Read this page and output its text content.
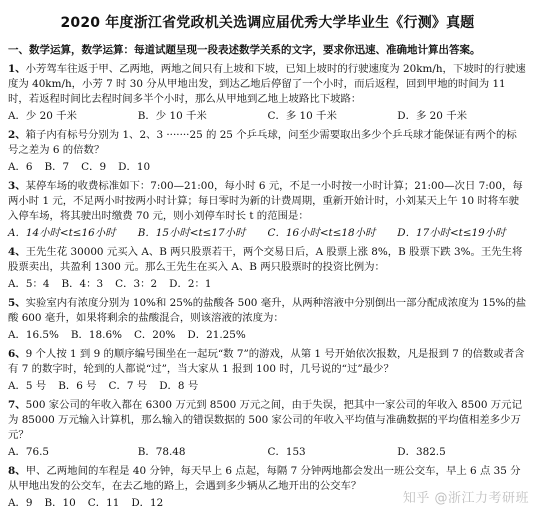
2020 年度浙江省党政机关选调应届优秀大学毕业生《行测》真题
一、数学运算，数学运算：每道试题呈现一段表述数学关系的文字，要求你迅速、准确地计算出答案。
1、小芳驾车往返于甲、乙两地，两地之间只有上坡和下坡，已知上坡时的行驶速度为 20km/h，下坡时的行驶速度为 40km/h，小芳 7 时 30 分从甲地出发，到达乙地后停留了一个小时，而后返程，回到甲地的时间为 11 时，若返程时间比去程时间多半个小时，那么从甲地到乙地上坡路比下坡路：
A．少 20 千米	B．少 10 千米	C．多 10 千米	D．多 20 千米
2、箱子内有标号分别为 1、2、3 ·······25 的 25 个乒乓球，问至少需要取出多少个乒乓球才能保证有两个的标号之差为 6 的倍数？
A．6 B．7 C．9 D．10
3、某停车场的收费标准如下：7:00—21:00，每小时 6 元，不足一小时按一小时计算；21:00—次日 7:00，每两小时 1 元，不足两小时按两小时计算；每日零时为新的计费周期，重新开始计时，小刘某天上午 10 时将车驶入停车场，将其驶出时缴费 70 元，则小刘停车时长 t 的范围是：
A．14小时<t≤16小时	B．15小时<t≤17小时	C．16小时<t≤18小时	D．17小时<t≤19小时
4、王先生花 30000 元买入 A、B 两只股票若干，两个交易日后，A 股票上涨 8%，B 股票下跌 3%。王先生将股票卖出，共盈利 1300 元。那么王先生在买入 A、B 两只股票时的投资比例为：
A．5：4 B．4：3 C．3：2 D．2：1
5、实验室内有浓度分别为 10%和 25%的盐酸各 500 毫升，从两种溶液中分别倒出一部分配成浓度为 15%的盐酸 600 毫升，如果将剩余的盐酸混合，则该溶液的浓度为：
A．16.5% B．18.6% C．20% D．21.25%
6、9 个人按 1 到 9 的顺序编号围坐在一起玩“数 7”的游戏，从第 1 号开始依次报数，凡是报到 7 的倍数或者含有 7 的数字时，轮到的人都说“过”，当大家从 1 报到 100 时，几号说的“过”最少？
A．5 号 B．6 号 C．7 号 D．8 号
7、500 家公司的年收入都在 6300 万元到 8500 万元之间，由于失误，把其中一家公司的年收入 8500 万元记为 85000 万元输入计算机，那么输入的错误数据的 500 家公司的年收入平均值与准确数据的平均值相差多少万元？
A．76.5	B．78.48	C．153	D．382.5
8、甲、乙两地间的车程是 40 分钟，每天早上 6 点起，每隔 7 分钟两地都会发出一班公交车，早上 6 点 35 分从甲地出发的公交车，在去乙地的路上，会遇到多少辆从乙地开出的公交车？
A．9 B．10 C．11 D．12	知乎 @浙江力考研班
